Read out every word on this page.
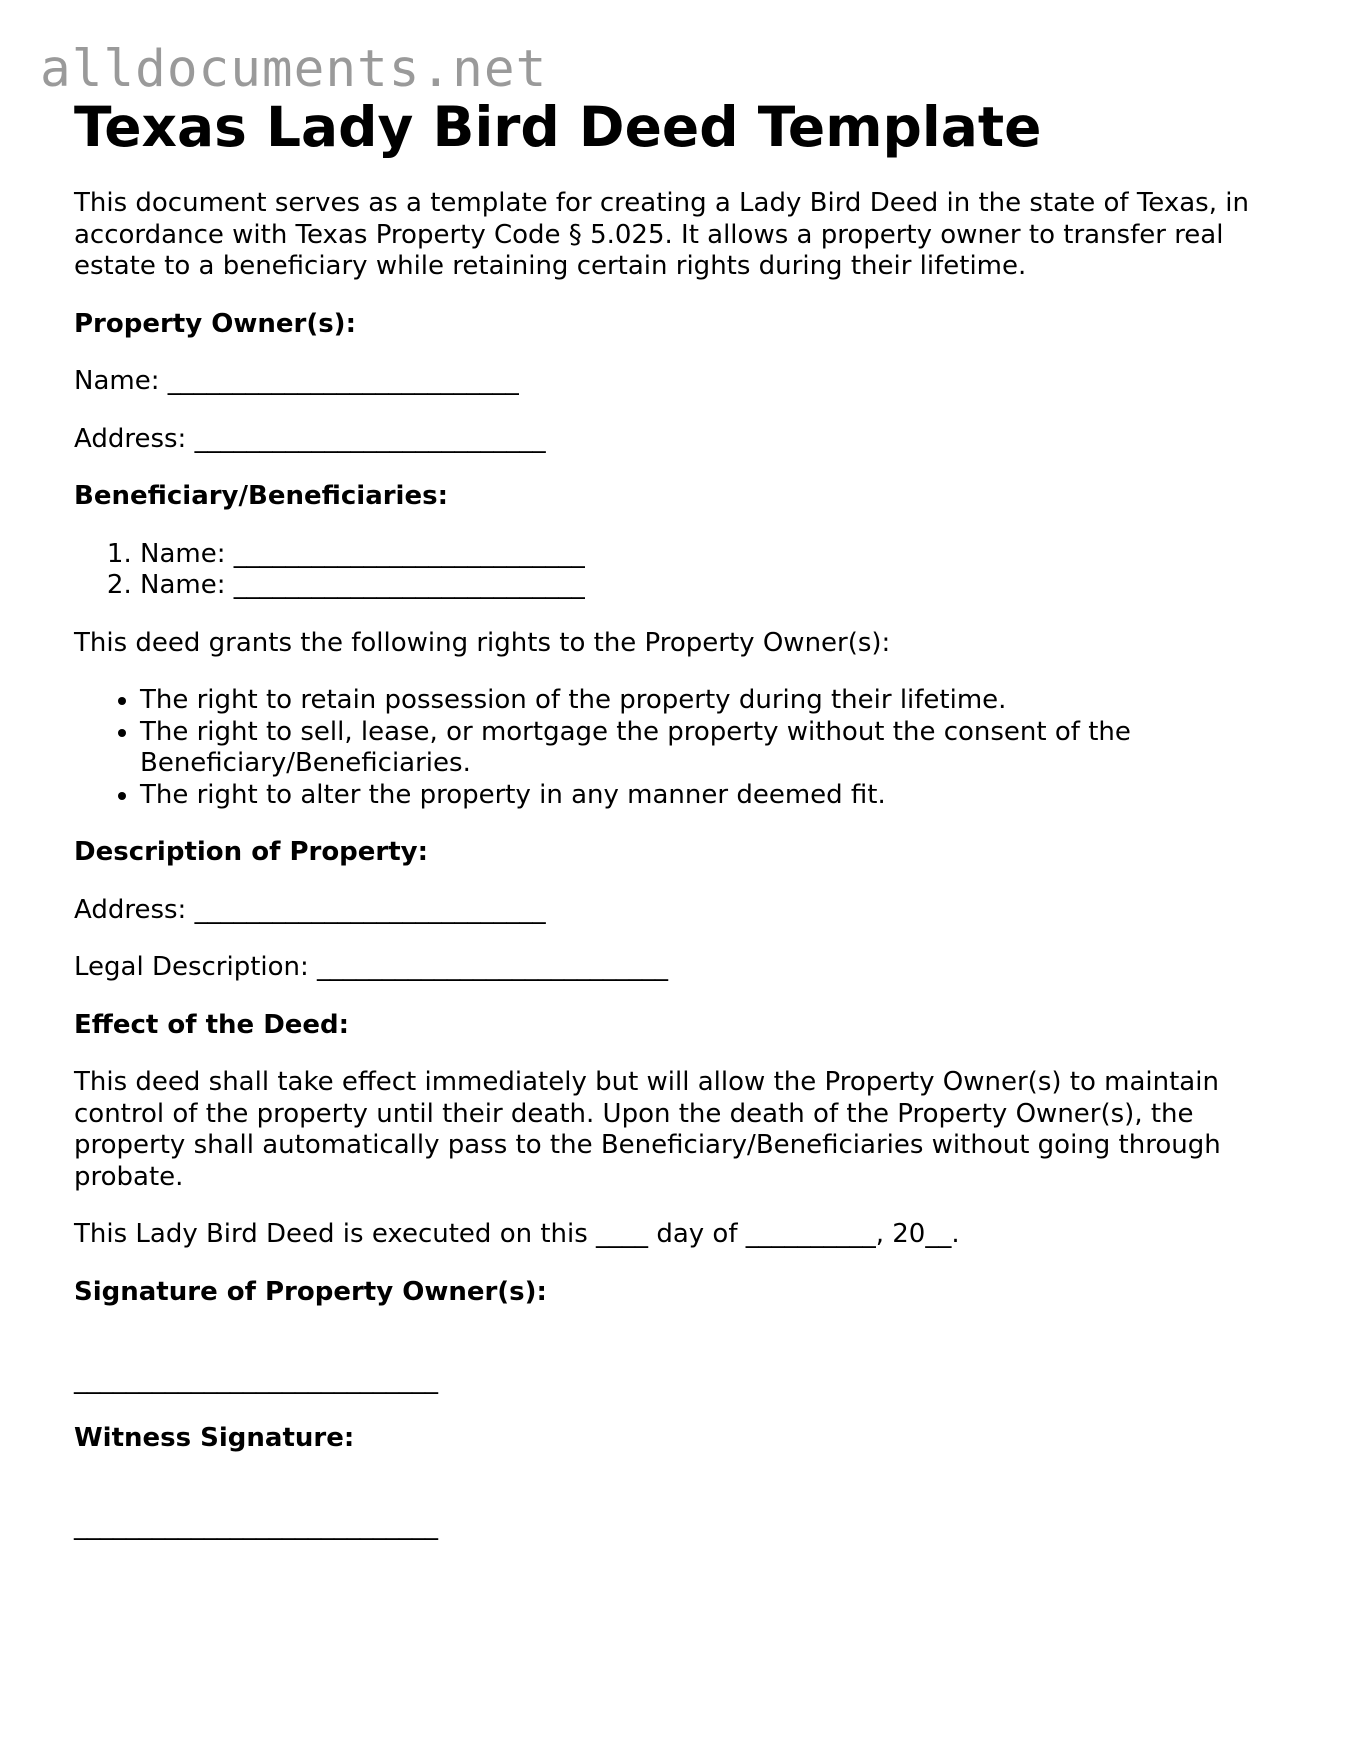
alldocuments.net
Texas Lady Bird Deed Template

This document serves as a template for creating a Lady Bird Deed in the state of Texas, in accordance with Texas Property Code § 5.025. It allows a property owner to transfer real estate to a beneficiary while retaining certain rights during their lifetime.

Property Owner(s):

Name: ___________________________

Address: ___________________________

Beneficiary/Beneficiaries:

1. Name: ___________________________
2. Name: ___________________________

This deed grants the following rights to the Property Owner(s):

• The right to retain possession of the property during their lifetime.
• The right to sell, lease, or mortgage the property without the consent of the Beneficiary/Beneficiaries.
• The right to alter the property in any manner deemed fit.

Description of Property:

Address: ___________________________

Legal Description: ___________________________

Effect of the Deed:

This deed shall take effect immediately but will allow the Property Owner(s) to maintain control of the property until their death. Upon the death of the Property Owner(s), the property shall automatically pass to the Beneficiary/Beneficiaries without going through probate.

This Lady Bird Deed is executed on this ____ day of __________, 20__.

Signature of Property Owner(s):

____________________________

Witness Signature:

____________________________
